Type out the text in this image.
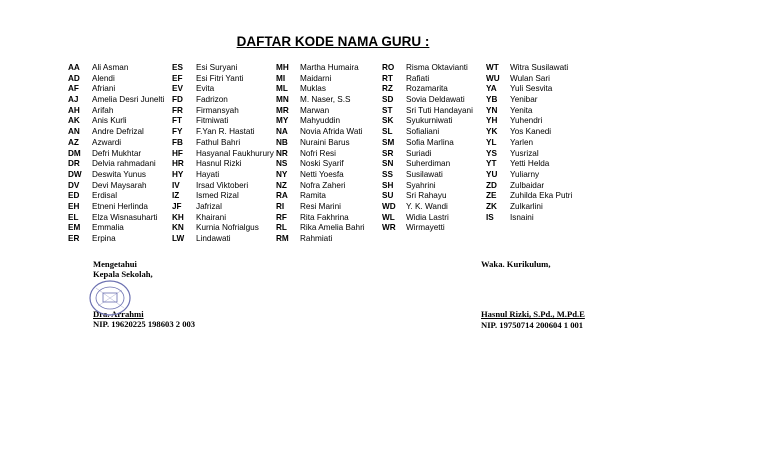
DAFTAR KODE NAMA GURU :
AA	Ali Asman
AD	Alendi
AF	Afriani
AJ	Amelia Desri Junelti
AH	Arifah
AK	Anis Kurli
AN	Andre Defrizal
AZ	Azwardi
DM	Defri Mukhtar
DR	Delvia rahmadani
DW	Deswita Yunus
DV	Devi Maysarah
ED	Erdisal
EH	Etneni Herlinda
EL	Elza Wisnasuharti
EM	Emmalia
ER	Erpina
ES	Esi Suryani
EF	Esi Fitri Yanti
EV	Evita
FD	Fadrizon
FR	Firmansyah
FT	Fitmiwati
FY	F.Yan R. Hastati
FB	Fathul Bahri
HF	Hasyanal Faukhurury
HR	Hasnul Rizki
HY	Hayati
IV	Irsad Viktoberi
IZ	Ismed Rizal
JF	Jafrizal
KH	Khairani
KN	Kurnia Nofrialgus
LW	Lindawati
MH	Martha Humaira
MI	Maidarni
ML	Muklas
MN	M. Naser, S.S
MR	Marwan
MY	Mahyuddin
NA	Novia Afrida Wati
NB	Nuraini Barus
NR	Nofri Resi
NS	Noski Syarif
NY	Netti Yoesfa
NZ	Nofra Zaheri
RA	Ramita
RI	Resi Marini
RF	Rita Fakhrina
RL	Rika Amelia Bahri
RM	Rahmiati
RO	Risma Oktavianti
RT	Rafiati
RZ	Rozamarita
SD	Sovia Deldawati
ST	Sri Tuti Handayani
SK	Syukurniwati
SL	Sofialiani
SM	Sofia Marlina
SR	Suriadi
SN	Suherdiman
SS	Susilawati
SH	Syahrini
SU	Sri Rahayu
WD	Y. K. Wandi
WL	Widia Lastri
WR	Wirmayetti
WT	Witra Susilawati
WU	Wulan Sari
YA	Yuli Sesvita
YB	Yenibar
YN	Yenita
YH	Yuhendri
YK	Yos Kanedi
YL	Yarlen
YS	Yusrizal
YT	Yetti Helda
YU	Yuliarny
ZD	Zulbaidar
ZE	Zuhilda Eka Putri
ZK	Zulkarlini
IS	Isnaini
Mengetahui
Kepala Sekolah,
Dra. Arrahmi
NIP. 19620225 198603 2 003
Waka. Kurikulum,
Hasnul Rizki, S.Pd., M.Pd.E
NIP. 19750714 200604 1 001
